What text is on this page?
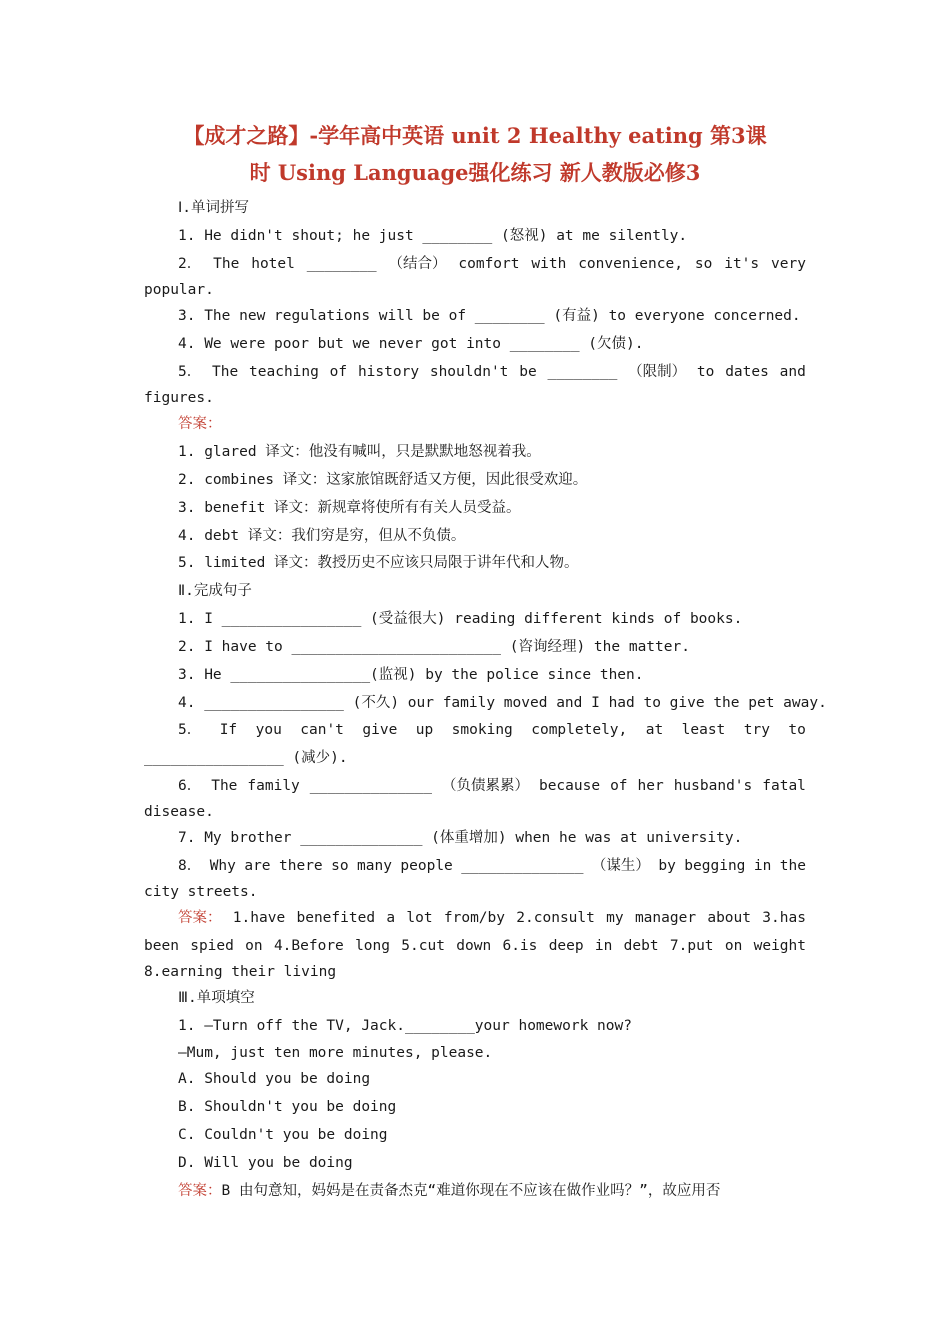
【成才之路】-学年高中英语 unit 2 Healthy eating 第3课
时 Using Language强化练习 新人教版必修3
Ⅰ.单词拼写
1. He didn't shout; he just ________ (怒视) at me silently.
2． The hotel ________ （结合） comfort with convenience, so it's very
popular.
3. The new regulations will be of ________ (有益) to everyone concerned.
4. We were poor but we never got into ________ (欠债).
5． The teaching of history shouldn't be ________ （限制） to dates and
figures.
答案：
1. glared 译文：他没有喊叫，只是默默地怒视着我。
2. combines 译文：这家旅馆既舒适又方便，因此很受欢迎。
3. benefit 译文：新规章将使所有有关人员受益。
4. debt 译文：我们穷是穷，但从不负债。
5. limited 译文：教授历史不应该只局限于讲年代和人物。
Ⅱ.完成句子
1. I ________________ (受益很大) reading different kinds of books.
2. I have to ________________________ (咨询经理) the matter.
3. He ________________(监视) by the police since then.
4. ________________ (不久) our family moved and I had to give the pet away.
5． If you can't give up smoking completely, at least try to
________________ (减少).
6． The family ______________ （负债累累） because of her husband's fatal
disease.
7. My brother ______________ (体重增加) when he was at university.
8． Why are there so many people ______________ （谋生） by begging in the
city streets.
答案： 1.have benefited a lot from/by 2.consult my manager about 3.has
been spied on 4.Before long 5.cut down 6.is deep in debt 7.put on weight
8.earning their living
Ⅲ.单项填空
1. —Turn off the TV, Jack.________your homework now?
—Mum, just ten more minutes, please.
A. Should you be doing
B. Shouldn't you be doing
C. Couldn't you be doing
D. Will you be doing
答案：B 由句意知，妈妈是在责备杰克“难道你现在不应该在做作业吗？”，故应用否
